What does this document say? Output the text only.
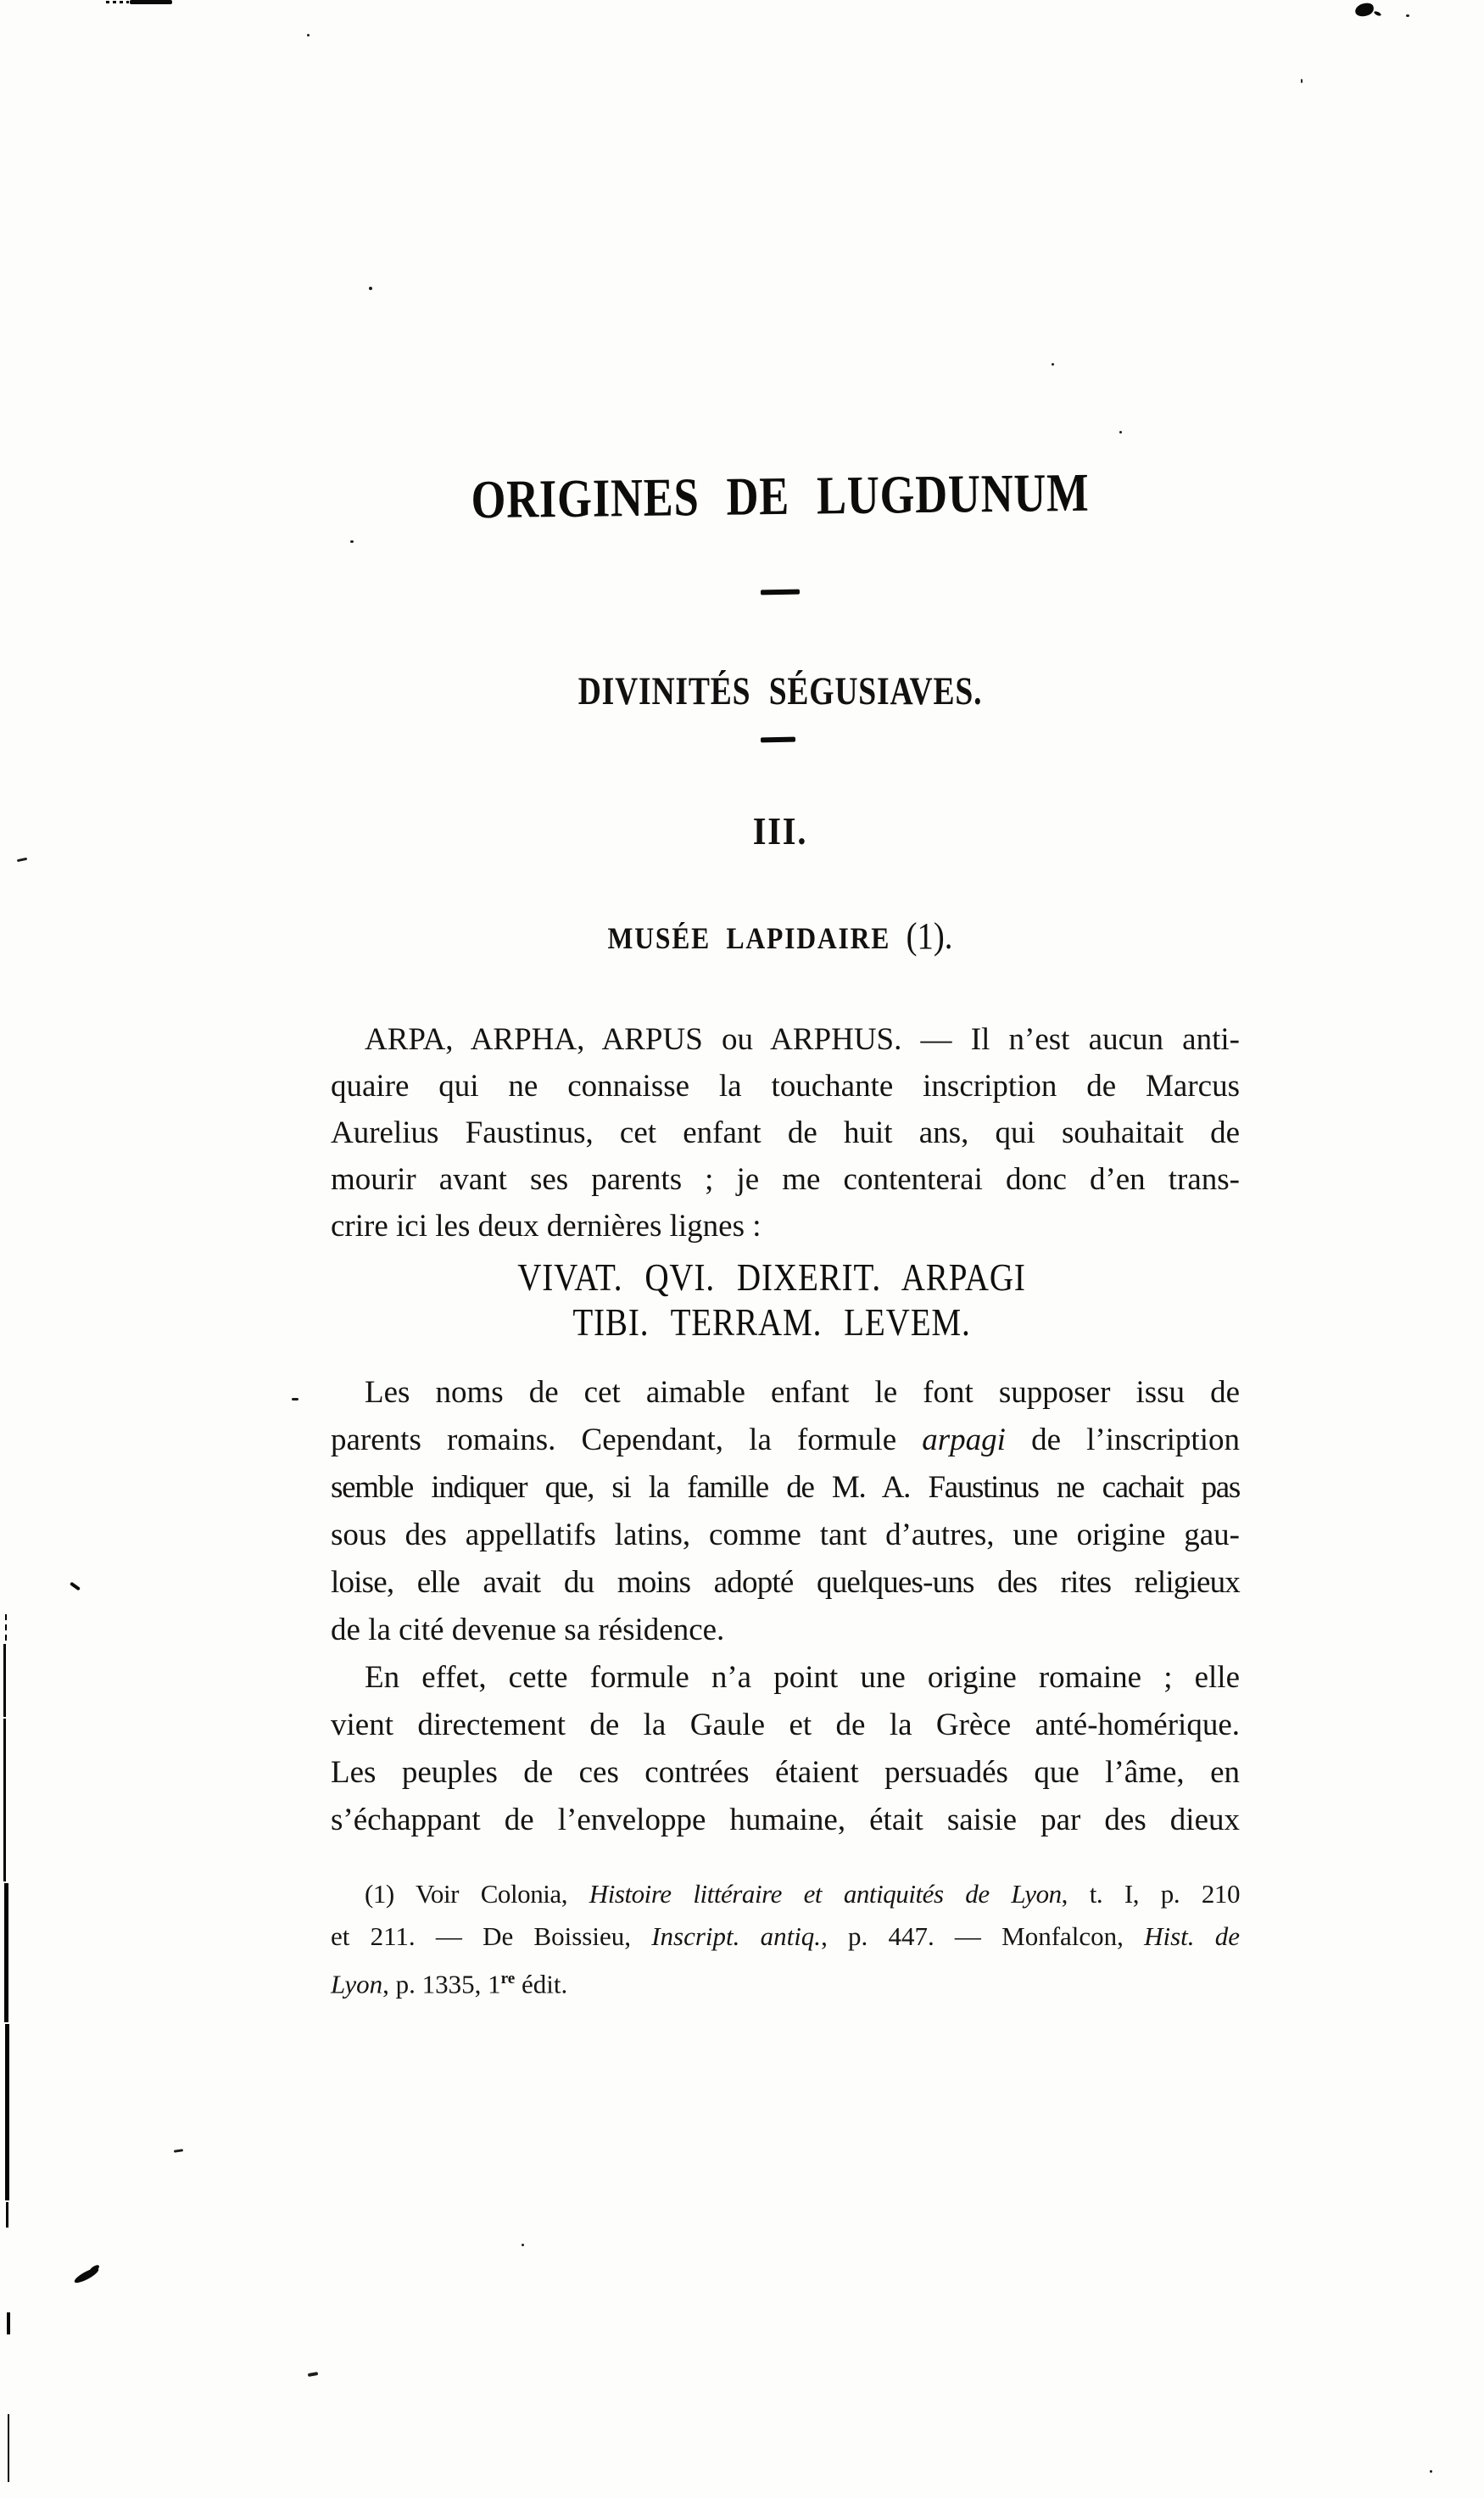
ORIGINES DE LUGDUNUM
DIVINITÉS SÉGUSIAVES.
III.
MUSÉE LAPIDAIRE (1).
ARPA, ARPHA, ARPUS ou ARPHUS. — Il n’est aucun anti-
quaire qui ne connaisse la touchante inscription de Marcus
Aurelius Faustinus, cet enfant de huit ans, qui souhaitait de
mourir avant ses parents ; je me contenterai donc d’en trans-
crire ici les deux dernières lignes :
VIVAT. QVI. DIXERIT. ARPAGI
TIBI. TERRAM. LEVEM.
Les noms de cet aimable enfant le font supposer issu de
parents romains. Cependant, la formule arpagi de l’inscription
semble indiquer que, si la famille de M. A. Faustinus ne cachait pas
sous des appellatifs latins, comme tant d’autres, une origine gau-
loise, elle avait du moins adopté quelques-uns des rites religieux
de la cité devenue sa résidence.
En effet, cette formule n’a point une origine romaine ; elle
vient directement de la Gaule et de la Grèce anté-homérique.
Les peuples de ces contrées étaient persuadés que l’âme, en
s’échappant de l’enveloppe humaine, était saisie par des dieux
(1) Voir Colonia, Histoire littéraire et antiquités de Lyon, t. I, p. 210
et 211. — De Boissieu, Inscript. antiq., p. 447. — Monfalcon, Hist. de
Lyon, p. 1335, 1re édit.
